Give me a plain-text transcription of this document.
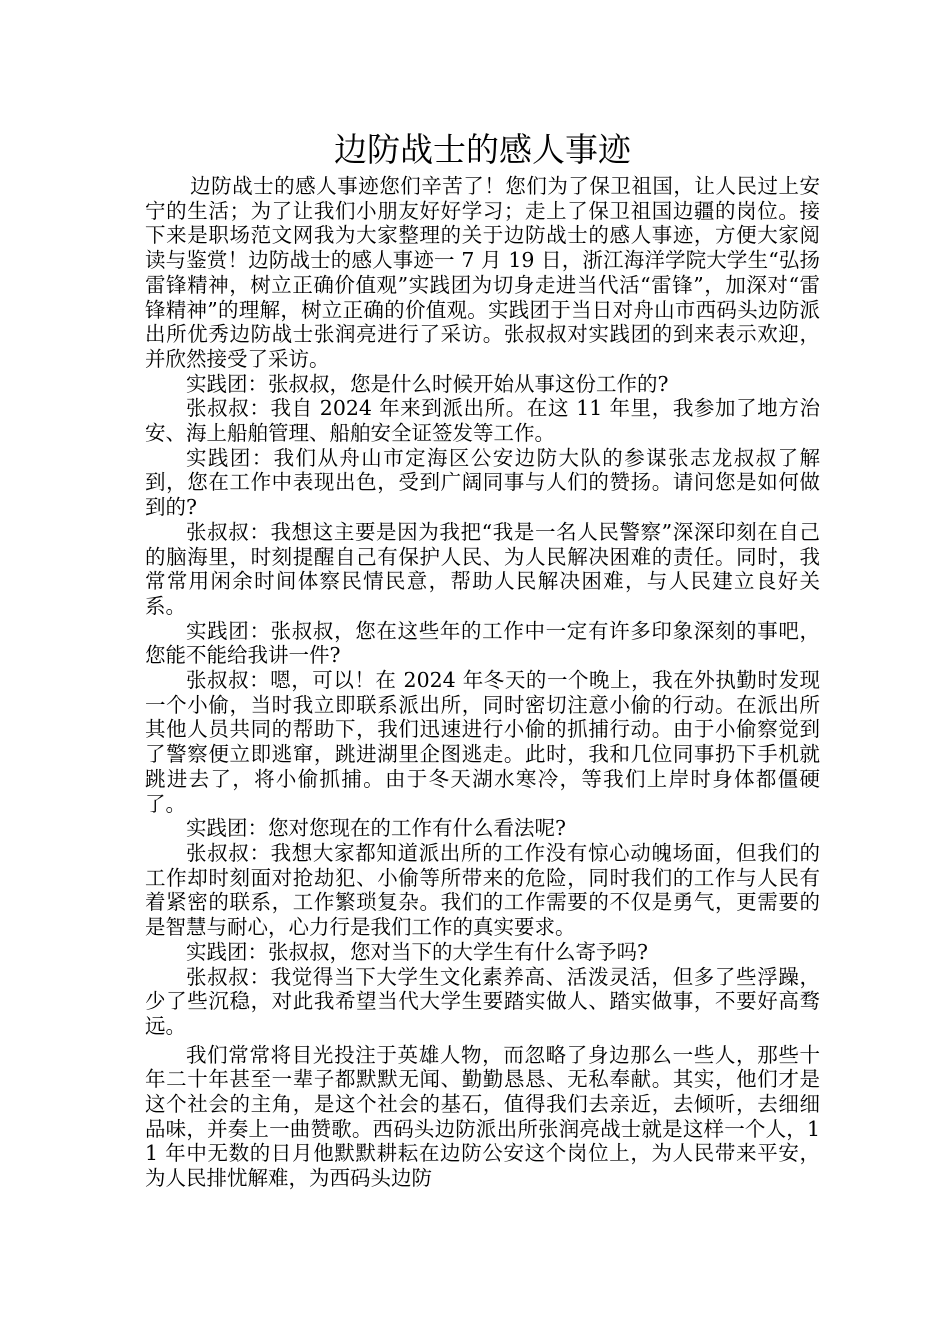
边防战士的感人事迹

边防战士的感人事迹您们辛苦了！您们为了保卫祖国，让人民过上安宁的生活；为了让我们小朋友好好学习；走上了保卫祖国边疆的岗位。接下来是职场范文网我为大家整理的关于边防战士的感人事迹，方便大家阅读与鉴赏！边防战士的感人事迹一 7 月 19 日，浙江海洋学院大学生“弘扬雷锋精神，树立正确价值观”实践团为切身走进当代活“雷锋”，加深对“雷锋精神”的理解，树立正确的价值观。实践团于当日对舟山市西码头边防派出所优秀边防战士张润亮进行了采访。张叔叔对实践团的到来表示欢迎，并欣然接受了采访。

实践团：张叔叔，您是什么时候开始从事这份工作的?

张叔叔：我自 2024 年来到派出所。在这 11 年里，我参加了地方治安、海上船舶管理、船舶安全证签发等工作。

实践团：我们从舟山市定海区公安边防大队的参谋张志龙叔叔了解到，您在工作中表现出色，受到广阔同事与人们的赞扬。请问您是如何做到的?

张叔叔：我想这主要是因为我把“我是一名人民警察”深深印刻在自己的脑海里，时刻提醒自己有保护人民、为人民解决困难的责任。同时，我常常用闲余时间体察民情民意，帮助人民解决困难，与人民建立良好关系。

实践团：张叔叔，您在这些年的工作中一定有许多印象深刻的事吧，您能不能给我讲一件?

张叔叔：嗯，可以！在 2024 年冬天的一个晚上，我在外执勤时发现一个小偷，当时我立即联系派出所，同时密切注意小偷的行动。在派出所其他人员共同的帮助下，我们迅速进行小偷的抓捕行动。由于小偷察觉到了警察便立即逃窜，跳进湖里企图逃走。此时，我和几位同事扔下手机就跳进去了，将小偷抓捕。由于冬天湖水寒冷，等我们上岸时身体都僵硬了。

实践团：您对您现在的工作有什么看法呢?

张叔叔：我想大家都知道派出所的工作没有惊心动魄场面，但我们的工作却时刻面对抢劫犯、小偷等所带来的危险，同时我们的工作与人民有着紧密的联系，工作繁琐复杂。我们的工作需要的不仅是勇气，更需要的是智慧与耐心，心力行是我们工作的真实要求。

实践团：张叔叔，您对当下的大学生有什么寄予吗?

张叔叔：我觉得当下大学生文化素养高、活泼灵活，但多了些浮躁，少了些沉稳，对此我希望当代大学生要踏实做人、踏实做事，不要好高骛远。

我们常常将目光投注于英雄人物，而忽略了身边那么一些人，那些十年二十年甚至一辈子都默默无闻、勤勤恳恳、无私奉献。其实，他们才是这个社会的主角，是这个社会的基石，值得我们去亲近，去倾听，去细细品味，并奏上一曲赞歌。西码头边防派出所张润亮战士就是这样一个人，11 年中无数的日月他默默耕耘在边防公安这个岗位上，为人民带来平安，为人民排忧解难，为西码头边防
